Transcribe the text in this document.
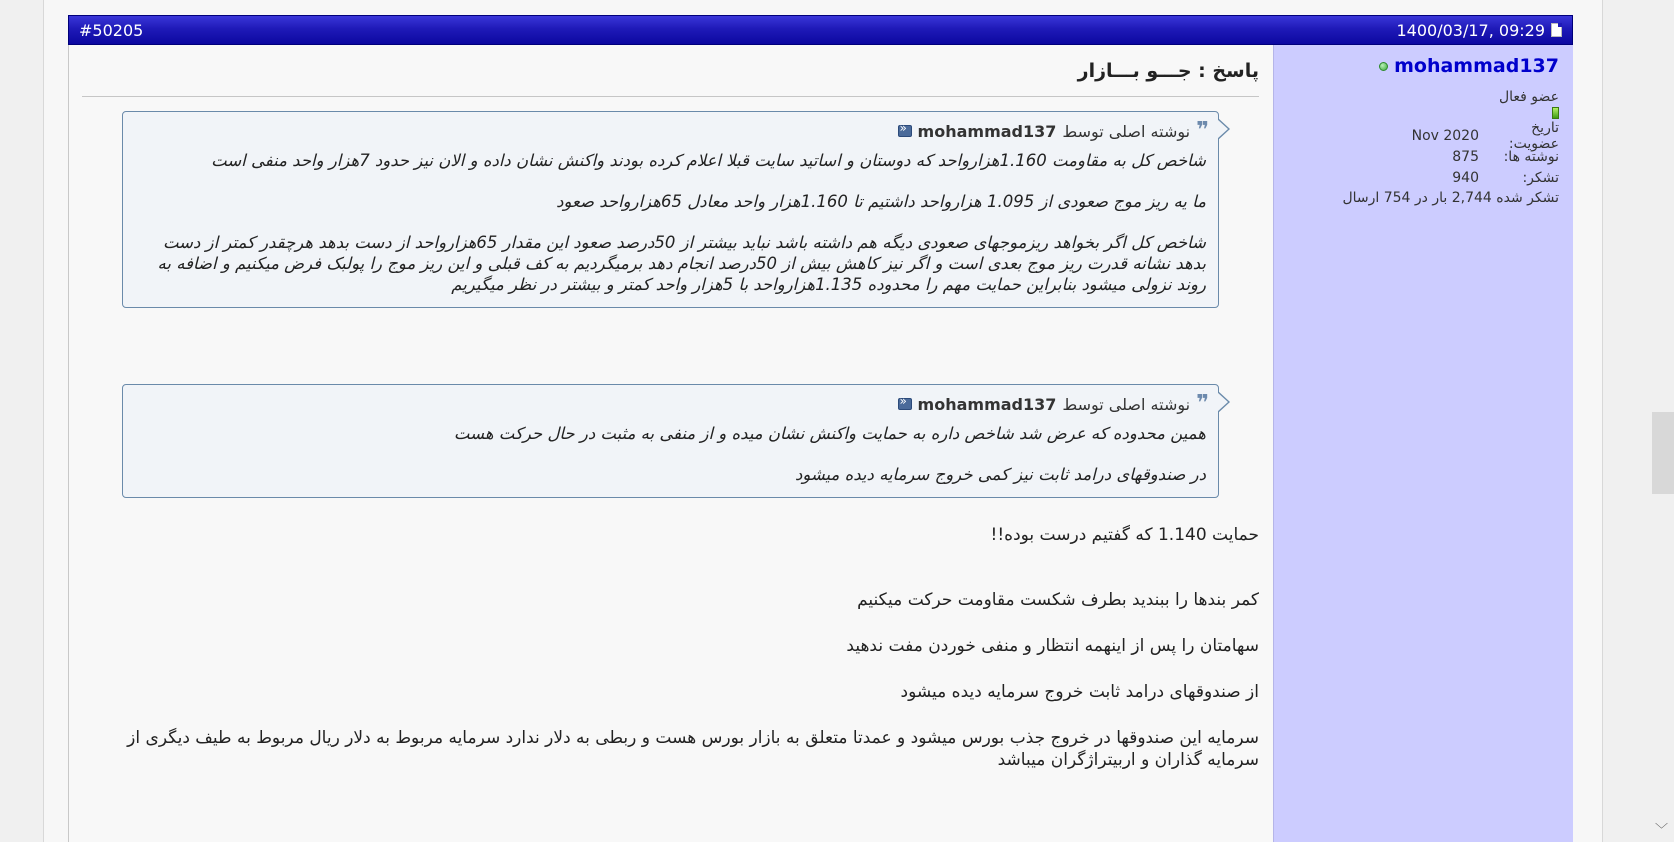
#50205	1400/03/17, 09:29
mohammad137
عضو فعال
تاریخ عضویت:
Nov 2020
نوشته ها:
875
تشکر:
940
تشکر شده 2,744 بار در 754 ارسال
پاسخ : جـــو بـــازار
❞
نوشته اصلی توسط
mohammad137
«

شاخص کل به مقاومت 1.160هزارواحد که دوستان و اساتید سایت قبلا اعلام کرده بودند واکنش نشان داده و الان نیز حدود 7هزار واحد منفی است

ما یه ریز موج صعودی از 1.095 هزارواحد داشتیم تا 1.160هزار واحد معادل 65هزارواحد صعود

شاخص کل اگر بخواهد ریزموجهای صعودی دیگه هم داشته باشد نباید بیشتر از 50درصد صعود این مقدار 65هزارواحد از دست بدهد هرچقدر کمتر از دست بدهد نشانه قدرت ریز موج بعدی است و اگر نیز کاهش بیش از 50درصد انجام دهد برمیگردیم به کف قبلی و این ریز موج را پولبک فرض میکنیم و اضافه به روند نزولی میشود بنابراین حمایت مهم را محدوده 1.135هزارواحد با 5هزار واحد کمتر و بیشتر در نظر میگیریم

❞
نوشته اصلی توسط
mohammad137
«

همین محدوده که عرض شد شاخص داره به حمایت واکنش نشان میده و از منفی به مثبت در حال حرکت هست

در صندوقهای درامد ثابت نیز کمی خروج سرمایه دیده میشود

حمایت 1.140 که گفتیم درست بوده!!

کمر بندها را ببندید بطرف شکست مقاومت حرکت میکنیم

سهامتان را پس از اینهمه انتظار و منفی خوردن مفت ندهید

از صندوقهای درامد ثابت خروج سرمایه دیده میشود

سرمایه این صندوقها در خروج جذب بورس میشود و عمدتا متعلق به بازار بورس هست و ربطی به دلار ندارد سرمایه مربوط به دلار ریال مربوط به طیف دیگری از سرمایه گذاران و اربیتراژگران میباشد

﹀
